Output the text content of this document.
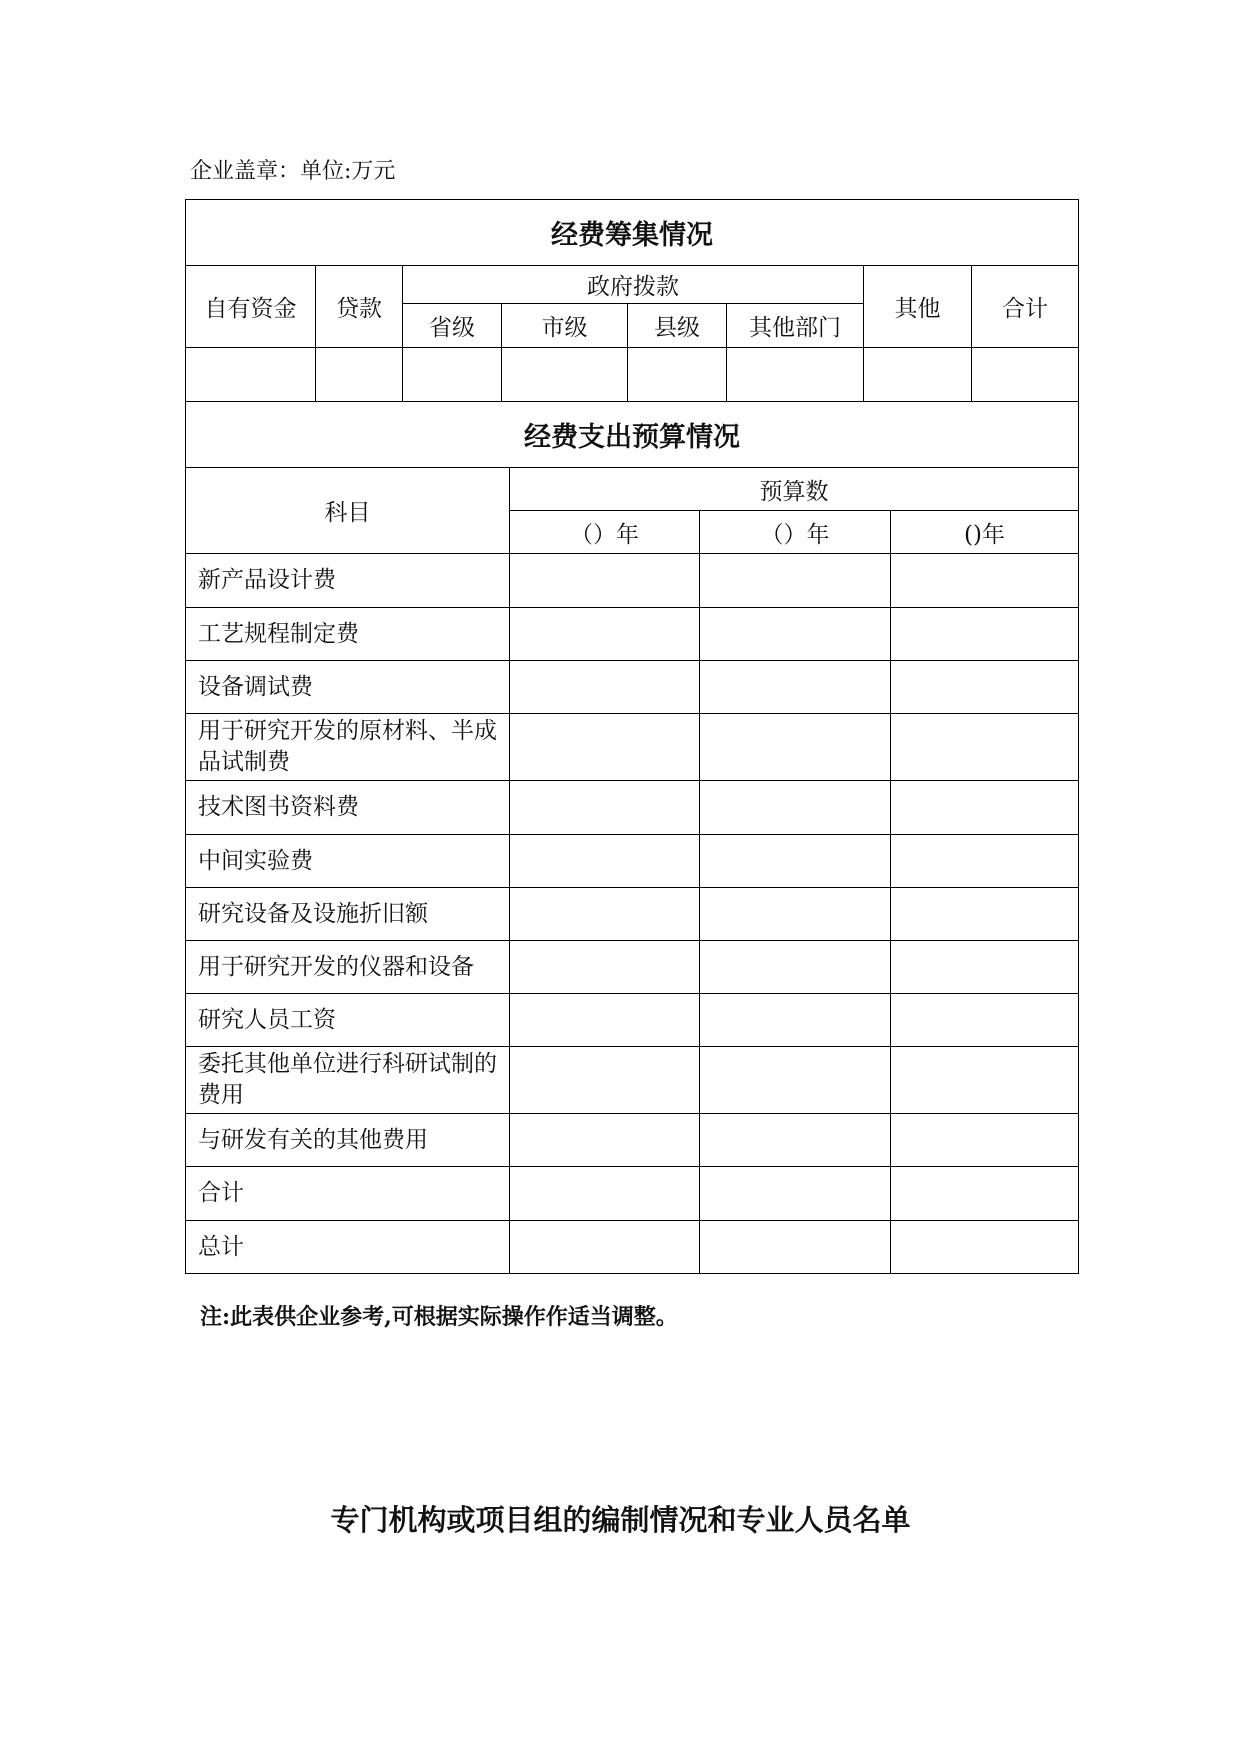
企业盖章：单位:万元
经费筹集情况							
自有资金	贷款	政府拨款				其他	合计
		省级	市级	县级	其他部门		

经费支出预算情况			
科目	预算数		
	（）年	（）年	()年
新产品设计费			
工艺规程制定费			
设备调试费			
用于研究开发的原材料、半成品试制费			
技术图书资料费			
中间实验费			
研究设备及设施折旧额			
用于研究开发的仪器和设备			
研究人员工资			
委托其他单位进行科研试制的费用			
与研发有关的其他费用			
合计			
总计			
注:此表供企业参考,可根据实际操作作适当调整。
专门机构或项目组的编制情况和专业人员名单
